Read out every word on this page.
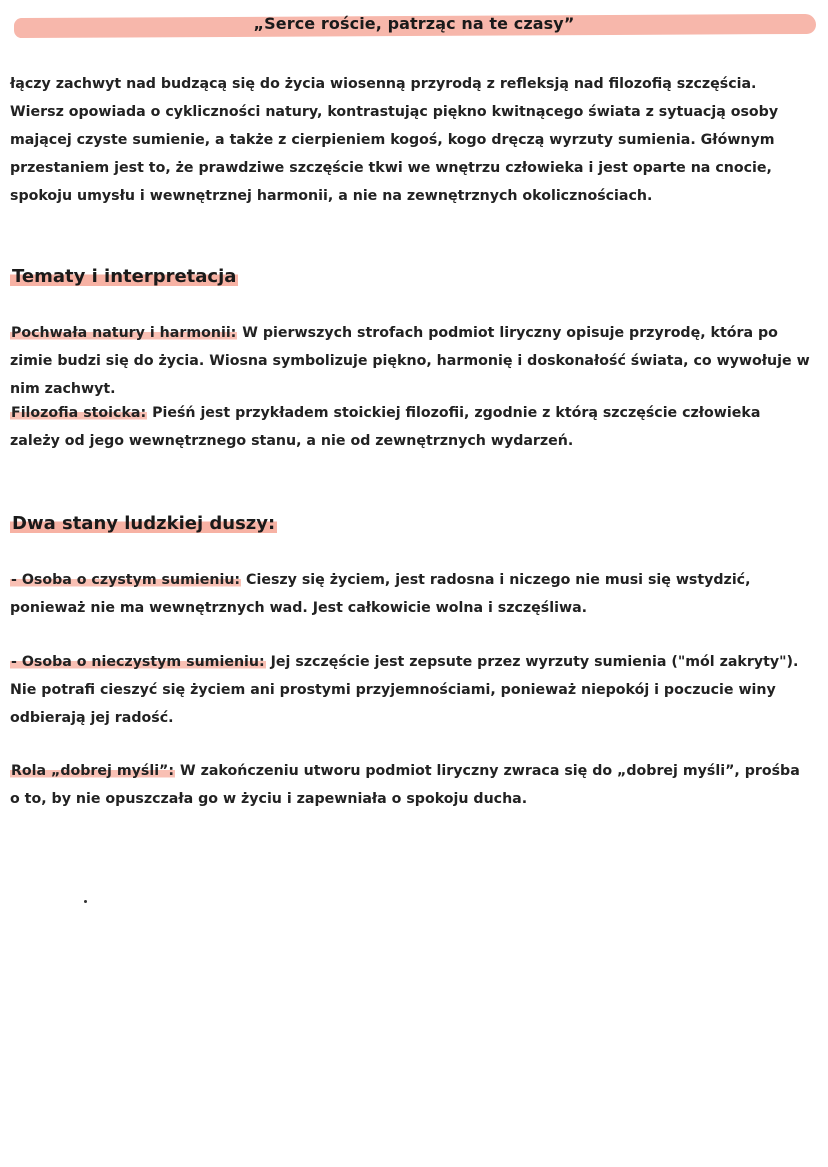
„Serce roście, patrząc na te czasy”
łączy zachwyt nad budzącą się do życia wiosenną przyrodą z refleksją nad filozofią szczęścia. Wiersz opowiada o cykliczności natury, kontrastując piękno kwitnącego świata z sytuacją osoby mającej czyste sumienie, a także z cierpieniem kogoś, kogo dręczą wyrzuty sumienia. Głównym przestaniem jest to, że prawdziwe szczęście tkwi we wnętrzu człowieka i jest oparte na cnocie, spokoju umysłu i wewnętrznej harmonii, a nie na zewnętrznych okolicznościach.
Tematy i interpretacja
Pochwała natury i harmonii: W pierwszych strofach podmiot liryczny opisuje przyrodę, która po zimie budzi się do życia. Wiosna symbolizuje piękno, harmonię i doskonałość świata, co wywołuje w nim zachwyt.
Filozofia stoicka: Pieśń jest przykładem stoickiej filozofii, zgodnie z którą szczęście człowieka zależy od jego wewnętrznego stanu, a nie od zewnętrznych wydarzeń.
Dwa stany ludzkiej duszy:
- Osoba o czystym sumieniu: Cieszy się życiem, jest radosna i niczego nie musi się wstydzić, ponieważ nie ma wewnętrznych wad. Jest całkowicie wolna i szczęśliwa.
- Osoba o nieczystym sumieniu: Jej szczęście jest zepsute przez wyrzuty sumienia ("mól zakryty"). Nie potrafi cieszyć się życiem ani prostymi przyjemnościami, ponieważ niepokój i poczucie winy odbierają jej radość.
Rola „dobrej myśli”: W zakończeniu utworu podmiot liryczny zwraca się do „dobrej myśli”, prośba o to, by nie opuszczała go w życiu i zapewniała o spokoju ducha.
